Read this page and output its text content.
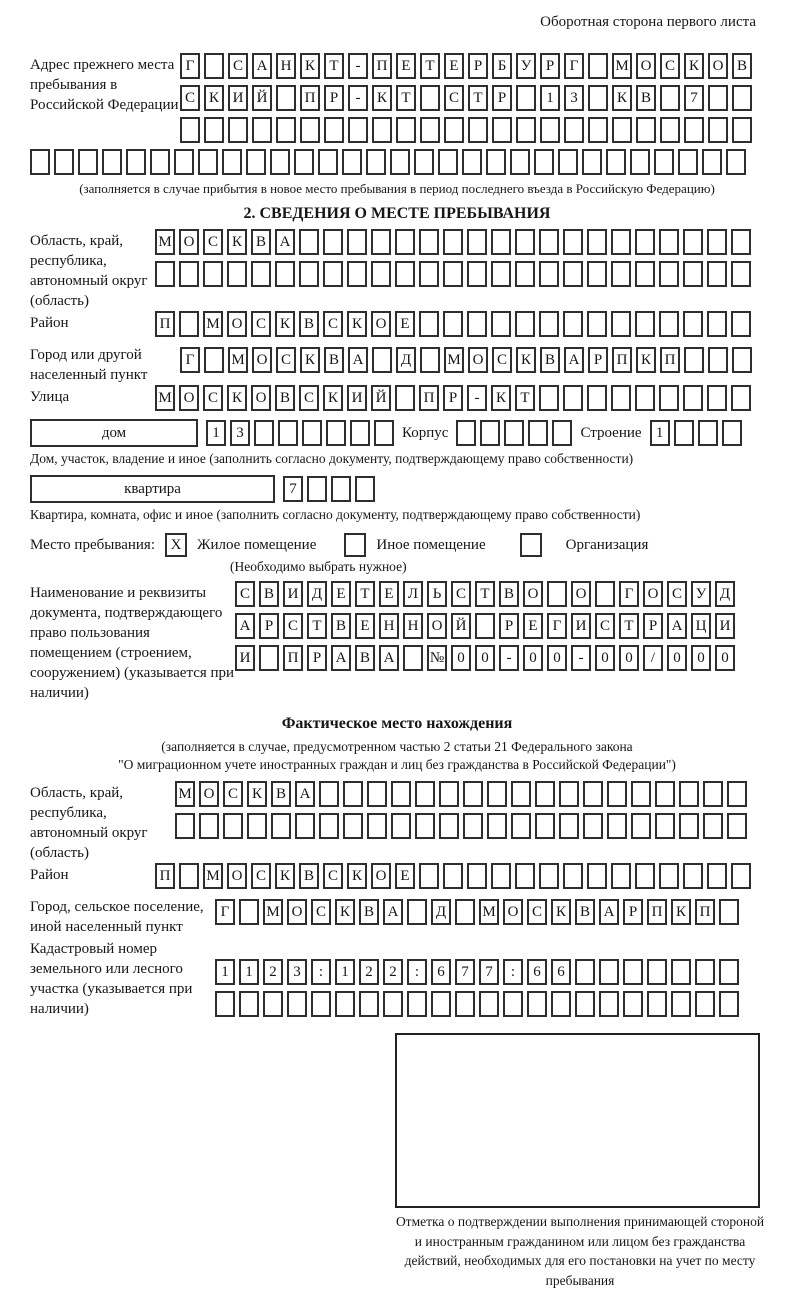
Оборотная сторона первого листа
Адрес прежнего места пребывания в Российской Федерации
Г	С А Н К Т	-	П Е Т Е	Р	Б У Р	Г	М О С К О В
С К И Й	П Р	-	К Т	С Т	Р	1	3	К В	7
(заполняется в случае прибытия в новое место пребывания в период последнего въезда в Российскую Федерацию)
2. СВЕДЕНИЯ О МЕСТЕ ПРЕБЫВАНИЯ
Область, край, республика, автономный округ (область)
М О С К В А
Район	П	М О С К В С К О Е
Город или другой населенный пункт
Г	М О С К В А	Д	М О С К В А Р П К П
Улица	М О С К О В С К И Й	П Р	-	К Т
дом	1	3	Корпус	Строение 1
Дом, участок, владение и иное (заполнить согласно документу, подтверждающему право собственности)
квартира	7
Квартира, комната, офис и иное (заполнить согласно документу, подтверждающему право собственности)
Место пребывания:	X	Жилое помещение	Иное помещение	Организация
(Необходимо выбрать нужное)
Наименование и реквизиты документа, подтверждающего право пользования помещением (строением, сооружением) (указывается при наличии)
С В И Д Е Т Е Л Ь С Т В О	О	Г О С У Д
А Р С Т В Е Н Н О Й	Р	Е	Г И С Т	Р А Ц И
И	П Р А В А	№ 0	0	-	0	0	-	0	0	/	0	0	0
Фактическое место нахождения
(заполняется в случае, предусмотренном частью 2 статьи 21 Федерального закона
"О миграционном учете иностранных граждан и лиц без гражданства в Российской Федерации")
Область, край, республика, автономный округ (область)
М О С К В А
Район	П	М О С К В С К О Е
Город, сельское поселение, иной населенный пункт
Г	М О С К В А	Д	М О С К В А Р П К П
Кадастровый номер земельного или лесного участка (указывается при наличии)
1	1	2	3	:	1	2	2	:	6	7	7	:	6	6
Отметка о подтверждении выполнения принимающей стороной и иностранным гражданином или лицом без гражданства действий, необходимых для его постановки на учет по месту пребывания
